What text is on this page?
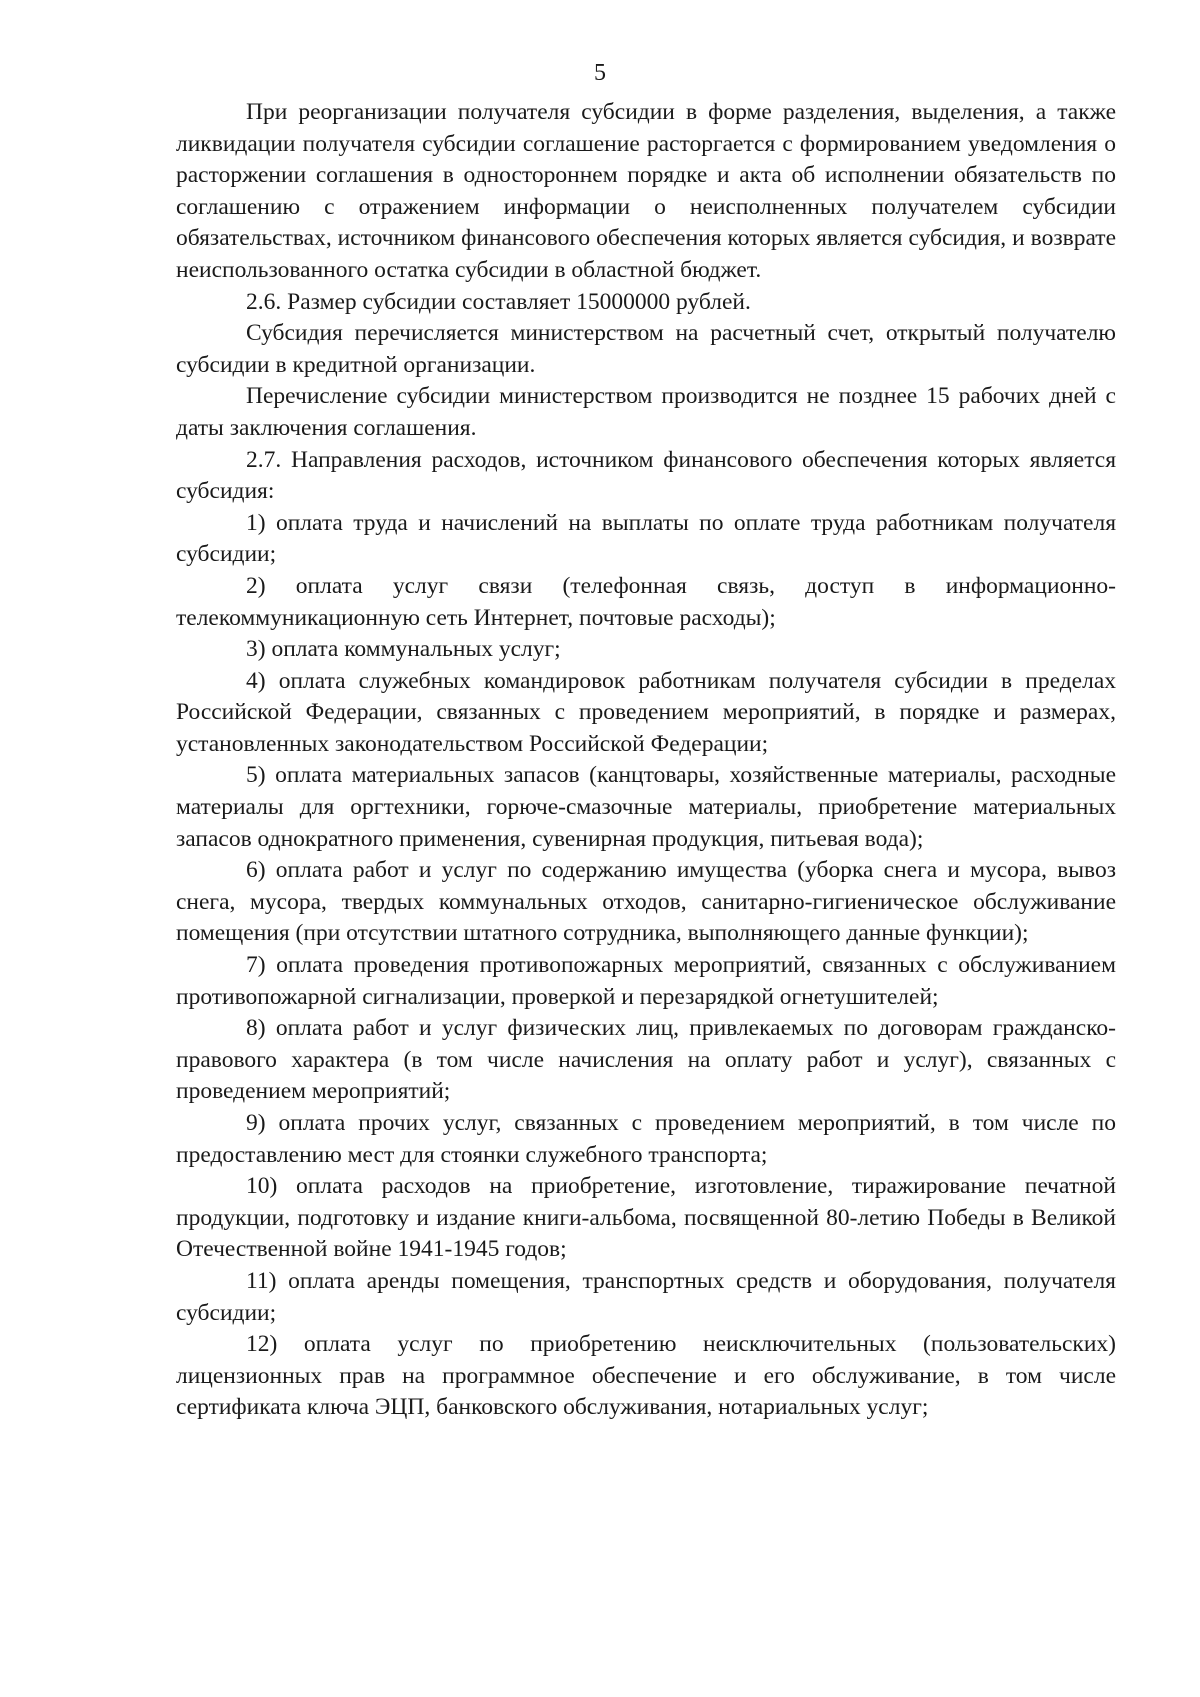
5

При реорганизации получателя субсидии в форме разделения, выделения, а также ликвидации получателя субсидии соглашение расторгается с формированием уведомления о расторжении соглашения в одностороннем порядке и акта об исполнении обязательств по соглашению с отражением информации о неисполненных получателем субсидии обязательствах, источником финансового обеспечения которых является субсидия, и возврате неиспользованного остатка субсидии в областной бюджет.

2.6. Размер субсидии составляет 15000000 рублей.

Субсидия перечисляется министерством на расчетный счет, открытый получателю субсидии в кредитной организации.

Перечисление субсидии министерством производится не позднее 15 рабочих дней с даты заключения соглашения.

2.7. Направления расходов, источником финансового обеспечения которых является субсидия:

1) оплата труда и начислений на выплаты по оплате труда работникам получателя субсидии;

2) оплата услуг связи (телефонная связь, доступ в информационно-телекоммуникационную сеть Интернет, почтовые расходы);

3) оплата коммунальных услуг;

4) оплата служебных командировок работникам получателя субсидии в пределах Российской Федерации, связанных с проведением мероприятий, в порядке и размерах, установленных законодательством Российской Федерации;

5) оплата материальных запасов (канцтовары, хозяйственные материалы, расходные материалы для оргтехники, горюче-смазочные материалы, приобретение материальных запасов однократного применения, сувенирная продукция, питьевая вода);

6) оплата работ и услуг по содержанию имущества (уборка снега и мусора, вывоз снега, мусора, твердых коммунальных отходов, санитарно-гигиеническое обслуживание помещения (при отсутствии штатного сотрудника, выполняющего данные функции);

7) оплата проведения противопожарных мероприятий, связанных с обслуживанием противопожарной сигнализации, проверкой и перезарядкой огнетушителей;

8) оплата работ и услуг физических лиц, привлекаемых по договорам гражданско-правового характера (в том числе начисления на оплату работ и услуг), связанных с проведением мероприятий;

9) оплата прочих услуг, связанных с проведением мероприятий, в том числе по предоставлению мест для стоянки служебного транспорта;

10) оплата расходов на приобретение, изготовление, тиражирование печатной продукции, подготовку и издание книги-альбома, посвященной 80-летию Победы в Великой Отечественной войне 1941-1945 годов;

11) оплата аренды помещения, транспортных средств и оборудования, получателя субсидии;

12) оплата услуг по приобретению неисключительных (пользовательских) лицензионных прав на программное обеспечение и его обслуживание, в том числе сертификата ключа ЭЦП, банковского обслуживания, нотариальных услуг;
